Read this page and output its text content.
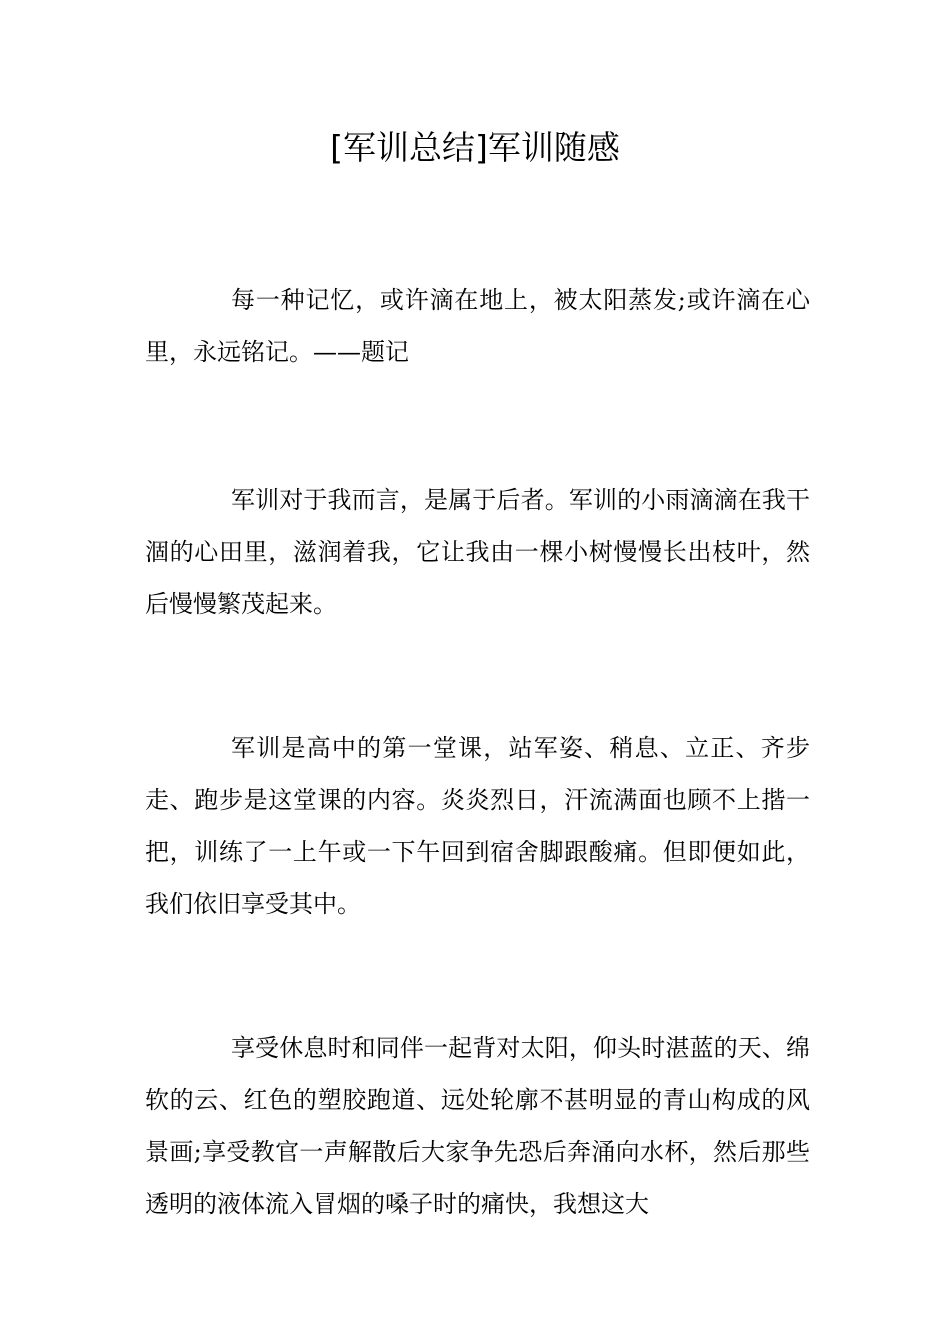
[军训总结]军训随感

每一种记忆，或许滴在地上，被太阳蒸发;或许滴在心里，永远铭记。——题记

军训对于我而言，是属于后者。军训的小雨滴滴在我干涸的心田里，滋润着我，它让我由一棵小树慢慢长出枝叶，然后慢慢繁茂起来。

军训是高中的第一堂课，站军姿、稍息、立正、齐步走、跑步是这堂课的内容。炎炎烈日，汗流满面也顾不上揩一把，训练了一上午或一下午回到宿舍脚跟酸痛。但即便如此，我们依旧享受其中。

享受休息时和同伴一起背对太阳，仰头时湛蓝的天、绵软的云、红色的塑胶跑道、远处轮廓不甚明显的青山构成的风景画;享受教官一声解散后大家争先恐后奔涌向水杯，然后那些透明的液体流入冒烟的嗓子时的痛快，我想这大
